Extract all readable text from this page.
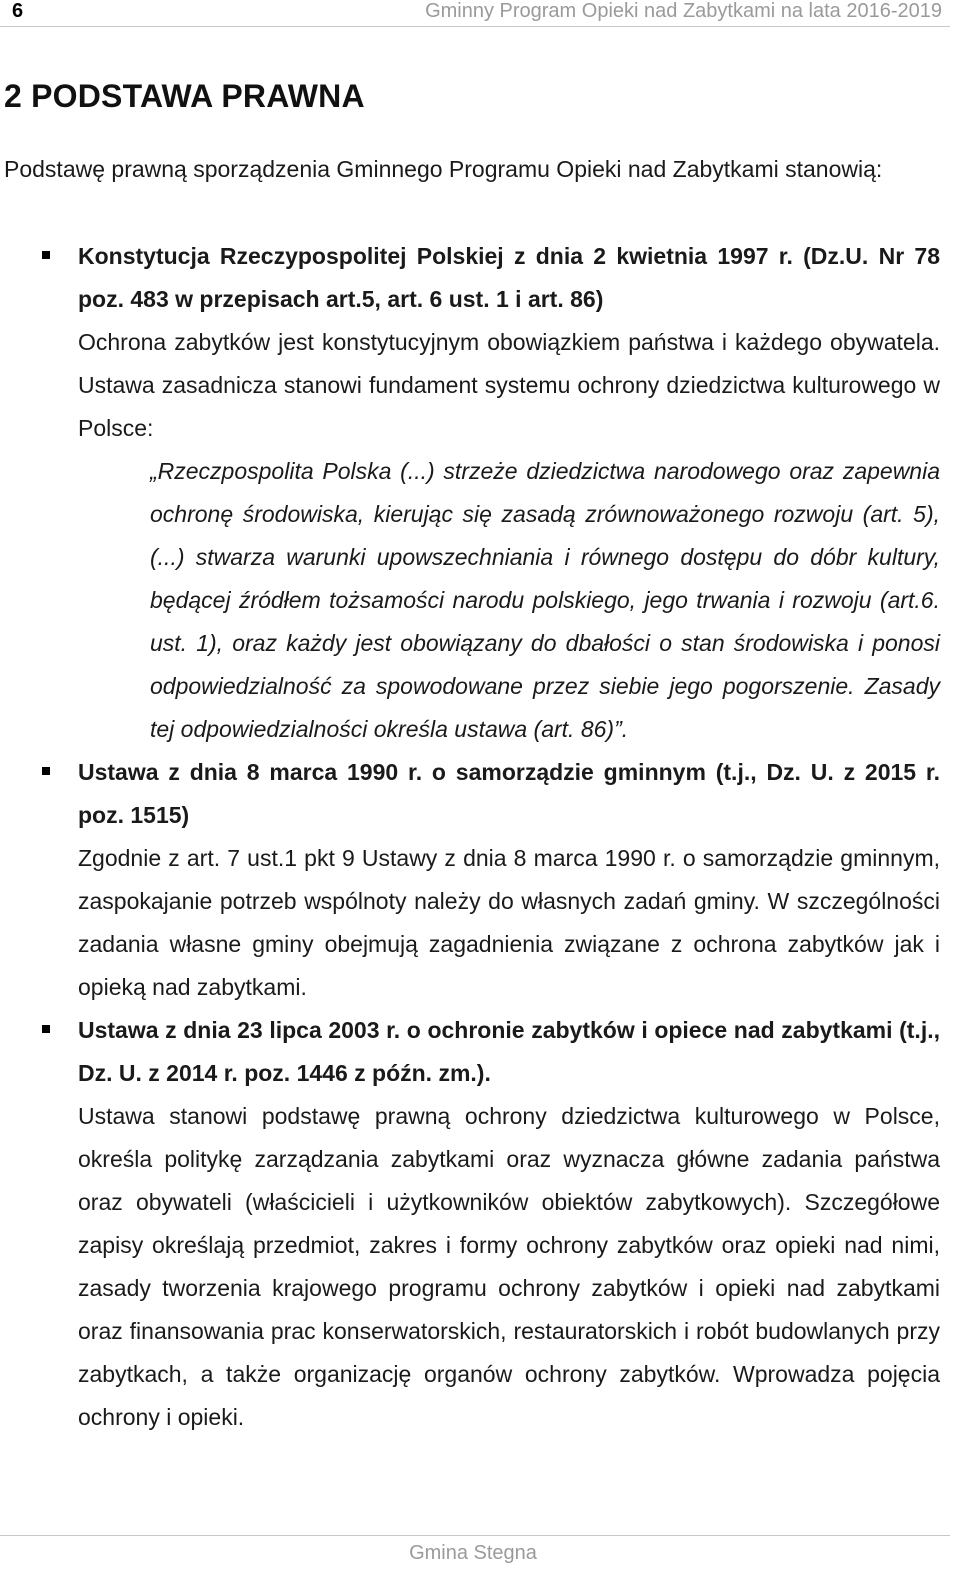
6	Gminny Program Opieki nad Zabytkami na lata 2016-2019
2 PODSTAWA PRAWNA

Podstawę prawną sporządzenia Gminnego Programu Opieki nad Zabytkami stanowią:

Konstytucja Rzeczypospolitej Polskiej z dnia 2 kwietnia 1997 r. (Dz.U. Nr 78 poz. 483 w przepisach art.5, art. 6 ust. 1 i art. 86)

Ochrona zabytków jest konstytucyjnym obowiązkiem państwa i każdego obywatela. Ustawa zasadnicza stanowi fundament systemu ochrony dziedzictwa kulturowego w Polsce:

„Rzeczpospolita Polska (...) strzeże dziedzictwa narodowego oraz zapewnia ochronę środowiska, kierując się zasadą zrównoważonego rozwoju (art. 5), (...) stwarza warunki upowszechniania i równego dostępu do dóbr kultury, będącej źródłem tożsamości narodu polskiego, jego trwania i rozwoju (art.6. ust. 1), oraz każdy jest obowiązany do dbałości o stan środowiska i ponosi odpowiedzialność za spowodowane przez siebie jego pogorszenie. Zasady tej odpowiedzialności określa ustawa (art. 86)”.

Ustawa z dnia 8 marca 1990 r. o samorządzie gminnym (t.j., Dz. U. z 2015 r. poz. 1515)

Zgodnie z art. 7 ust.1 pkt 9 Ustawy z dnia 8 marca 1990 r. o samorządzie gminnym, zaspokajanie potrzeb wspólnoty należy do własnych zadań gminy. W szczególności zadania własne gminy obejmują zagadnienia związane z ochrona zabytków jak i opieką nad zabytkami.

Ustawa z dnia 23 lipca 2003 r. o ochronie zabytków i opiece nad zabytkami (t.j., Dz. U. z 2014 r. poz. 1446 z późn. zm.).

Ustawa stanowi podstawę prawną ochrony dziedzictwa kulturowego w Polsce, określa politykę zarządzania zabytkami oraz wyznacza główne zadania państwa oraz obywateli (właścicieli i użytkowników obiektów zabytkowych). Szczegółowe zapisy określają przedmiot, zakres i formy ochrony zabytków oraz opieki nad nimi, zasady tworzenia krajowego programu ochrony zabytków i opieki nad zabytkami oraz finansowania prac konserwatorskich, restauratorskich i robót budowlanych przy zabytkach, a także organizację organów ochrony zabytków. Wprowadza pojęcia ochrony i opieki.

Gmina Stegna
